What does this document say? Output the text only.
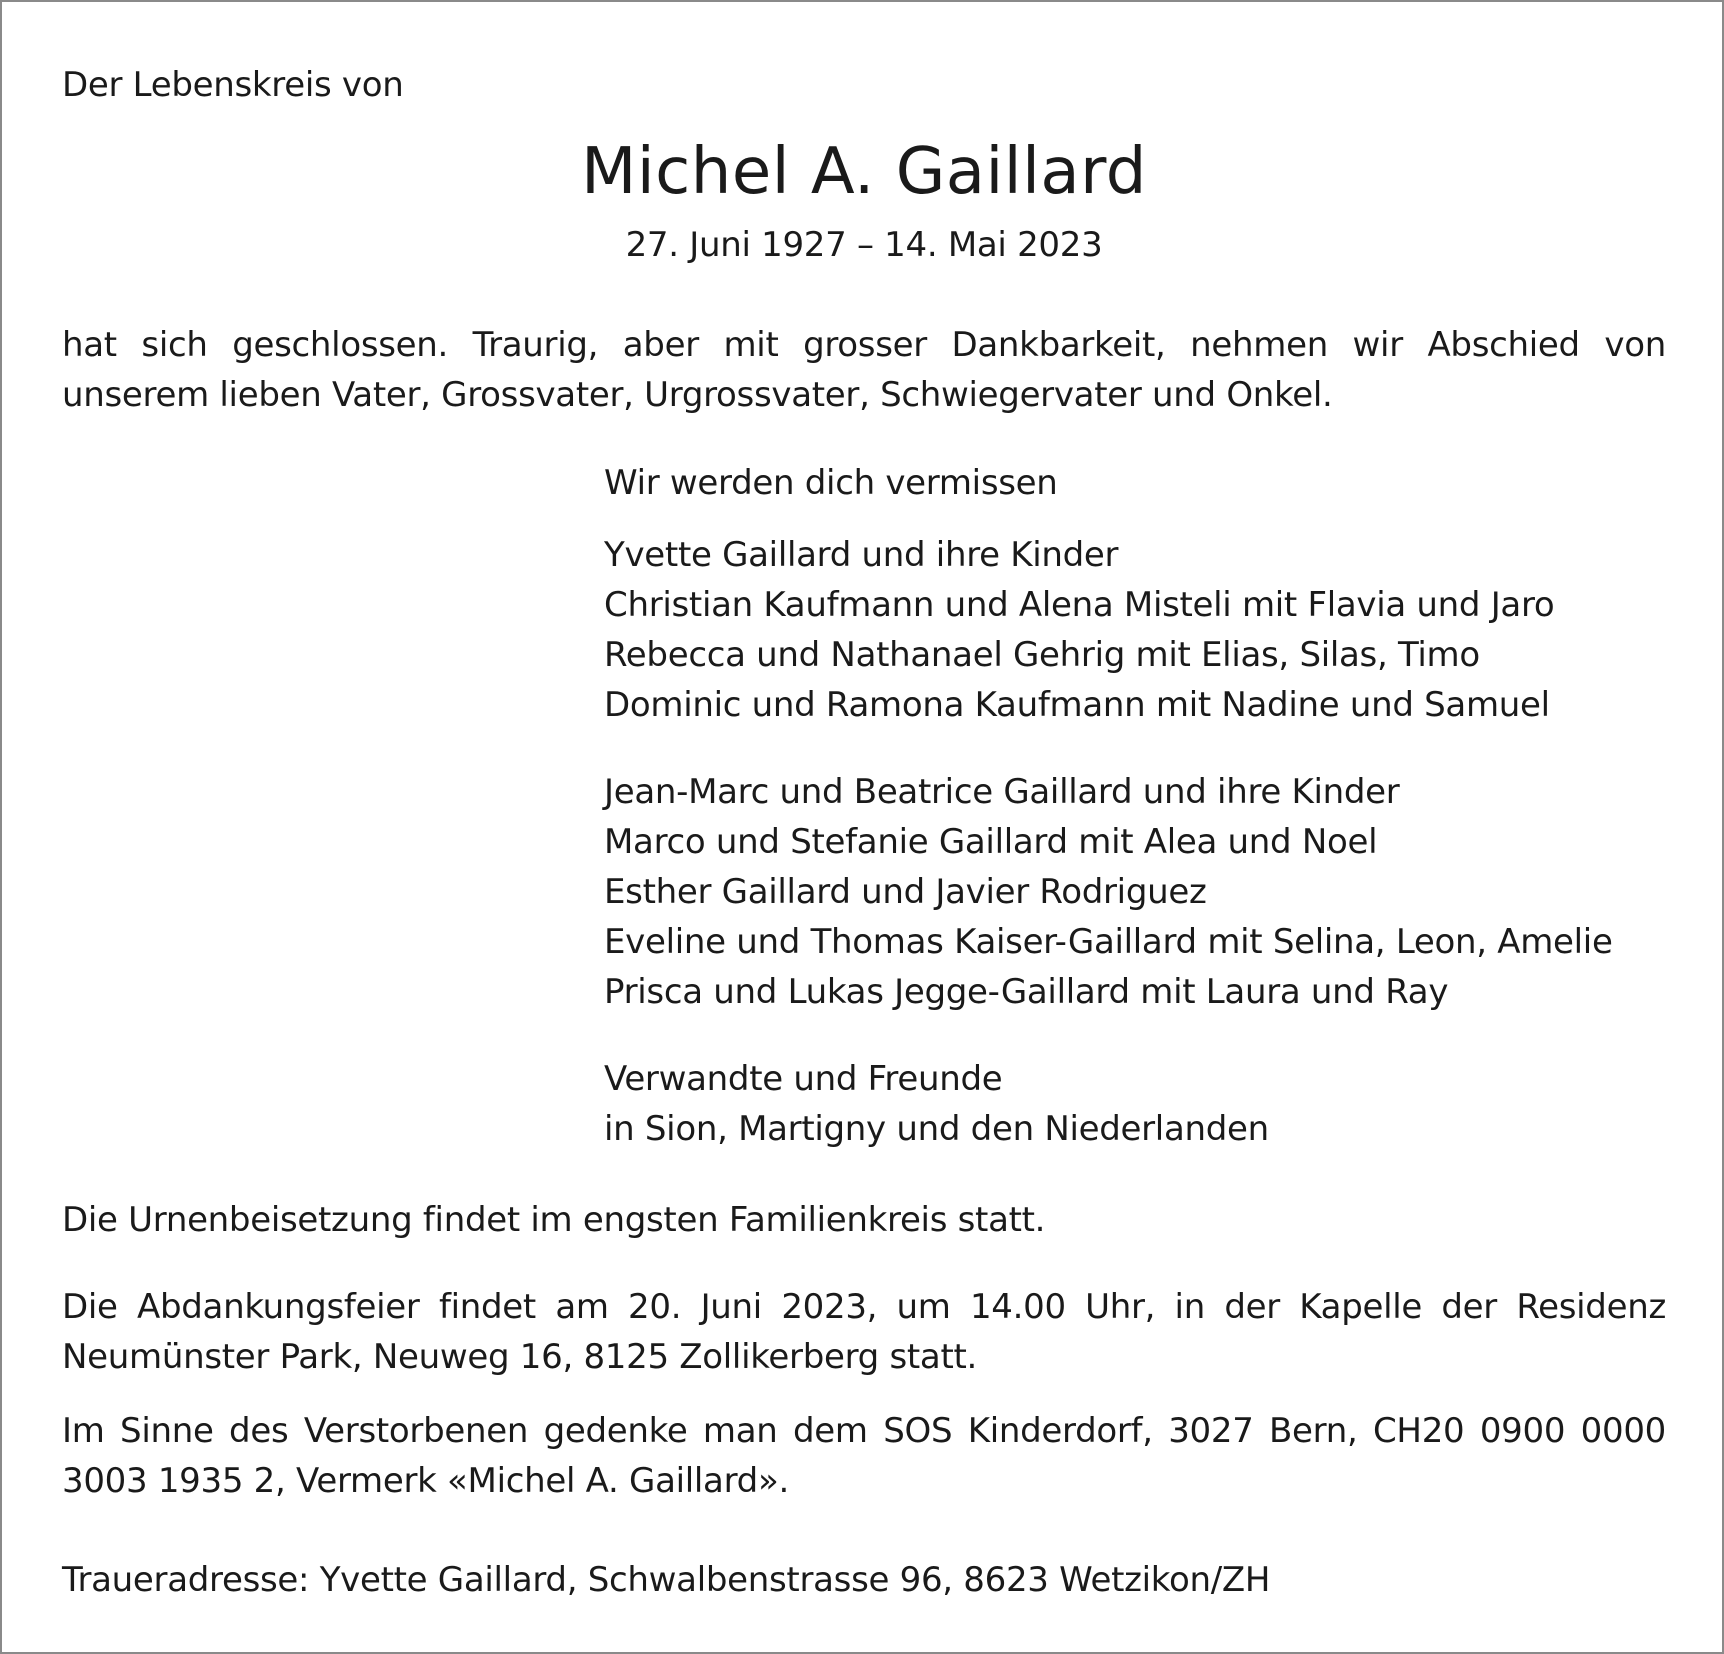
Der Lebenskreis von
Michel A. Gaillard
27. Juni 1927 – 14. Mai 2023
hat sich geschlossen. Traurig, aber mit grosser Dankbarkeit, nehmen wir Abschied von unserem lieben Vater, Grossvater, Urgrossvater, Schwiegervater und Onkel.
Wir werden dich vermissen
Yvette Gaillard und ihre Kinder
Christian Kaufmann und Alena Misteli mit Flavia und Jaro
Rebecca und Nathanael Gehrig mit Elias, Silas, Timo
Dominic und Ramona Kaufmann mit Nadine und Samuel
Jean-Marc und Beatrice Gaillard und ihre Kinder
Marco und Stefanie Gaillard mit Alea und Noel
Esther Gaillard und Javier Rodriguez
Eveline und Thomas Kaiser-Gaillard mit Selina, Leon, Amelie
Prisca und Lukas Jegge-Gaillard mit Laura und Ray
Verwandte und Freunde
in Sion, Martigny und den Niederlanden
Die Urnenbeisetzung findet im engsten Familienkreis statt.
Die Abdankungsfeier findet am 20. Juni 2023, um 14.00 Uhr, in der Kapelle der Residenz Neumünster Park, Neuweg 16, 8125 Zollikerberg statt.
Im Sinne des Verstorbenen gedenke man dem SOS Kinderdorf, 3027 Bern, CH20 0900 0000 3003 1935 2, Vermerk «Michel A. Gaillard».
Traueradresse: Yvette Gaillard, Schwalbenstrasse 96, 8623 Wetzikon/ZH
